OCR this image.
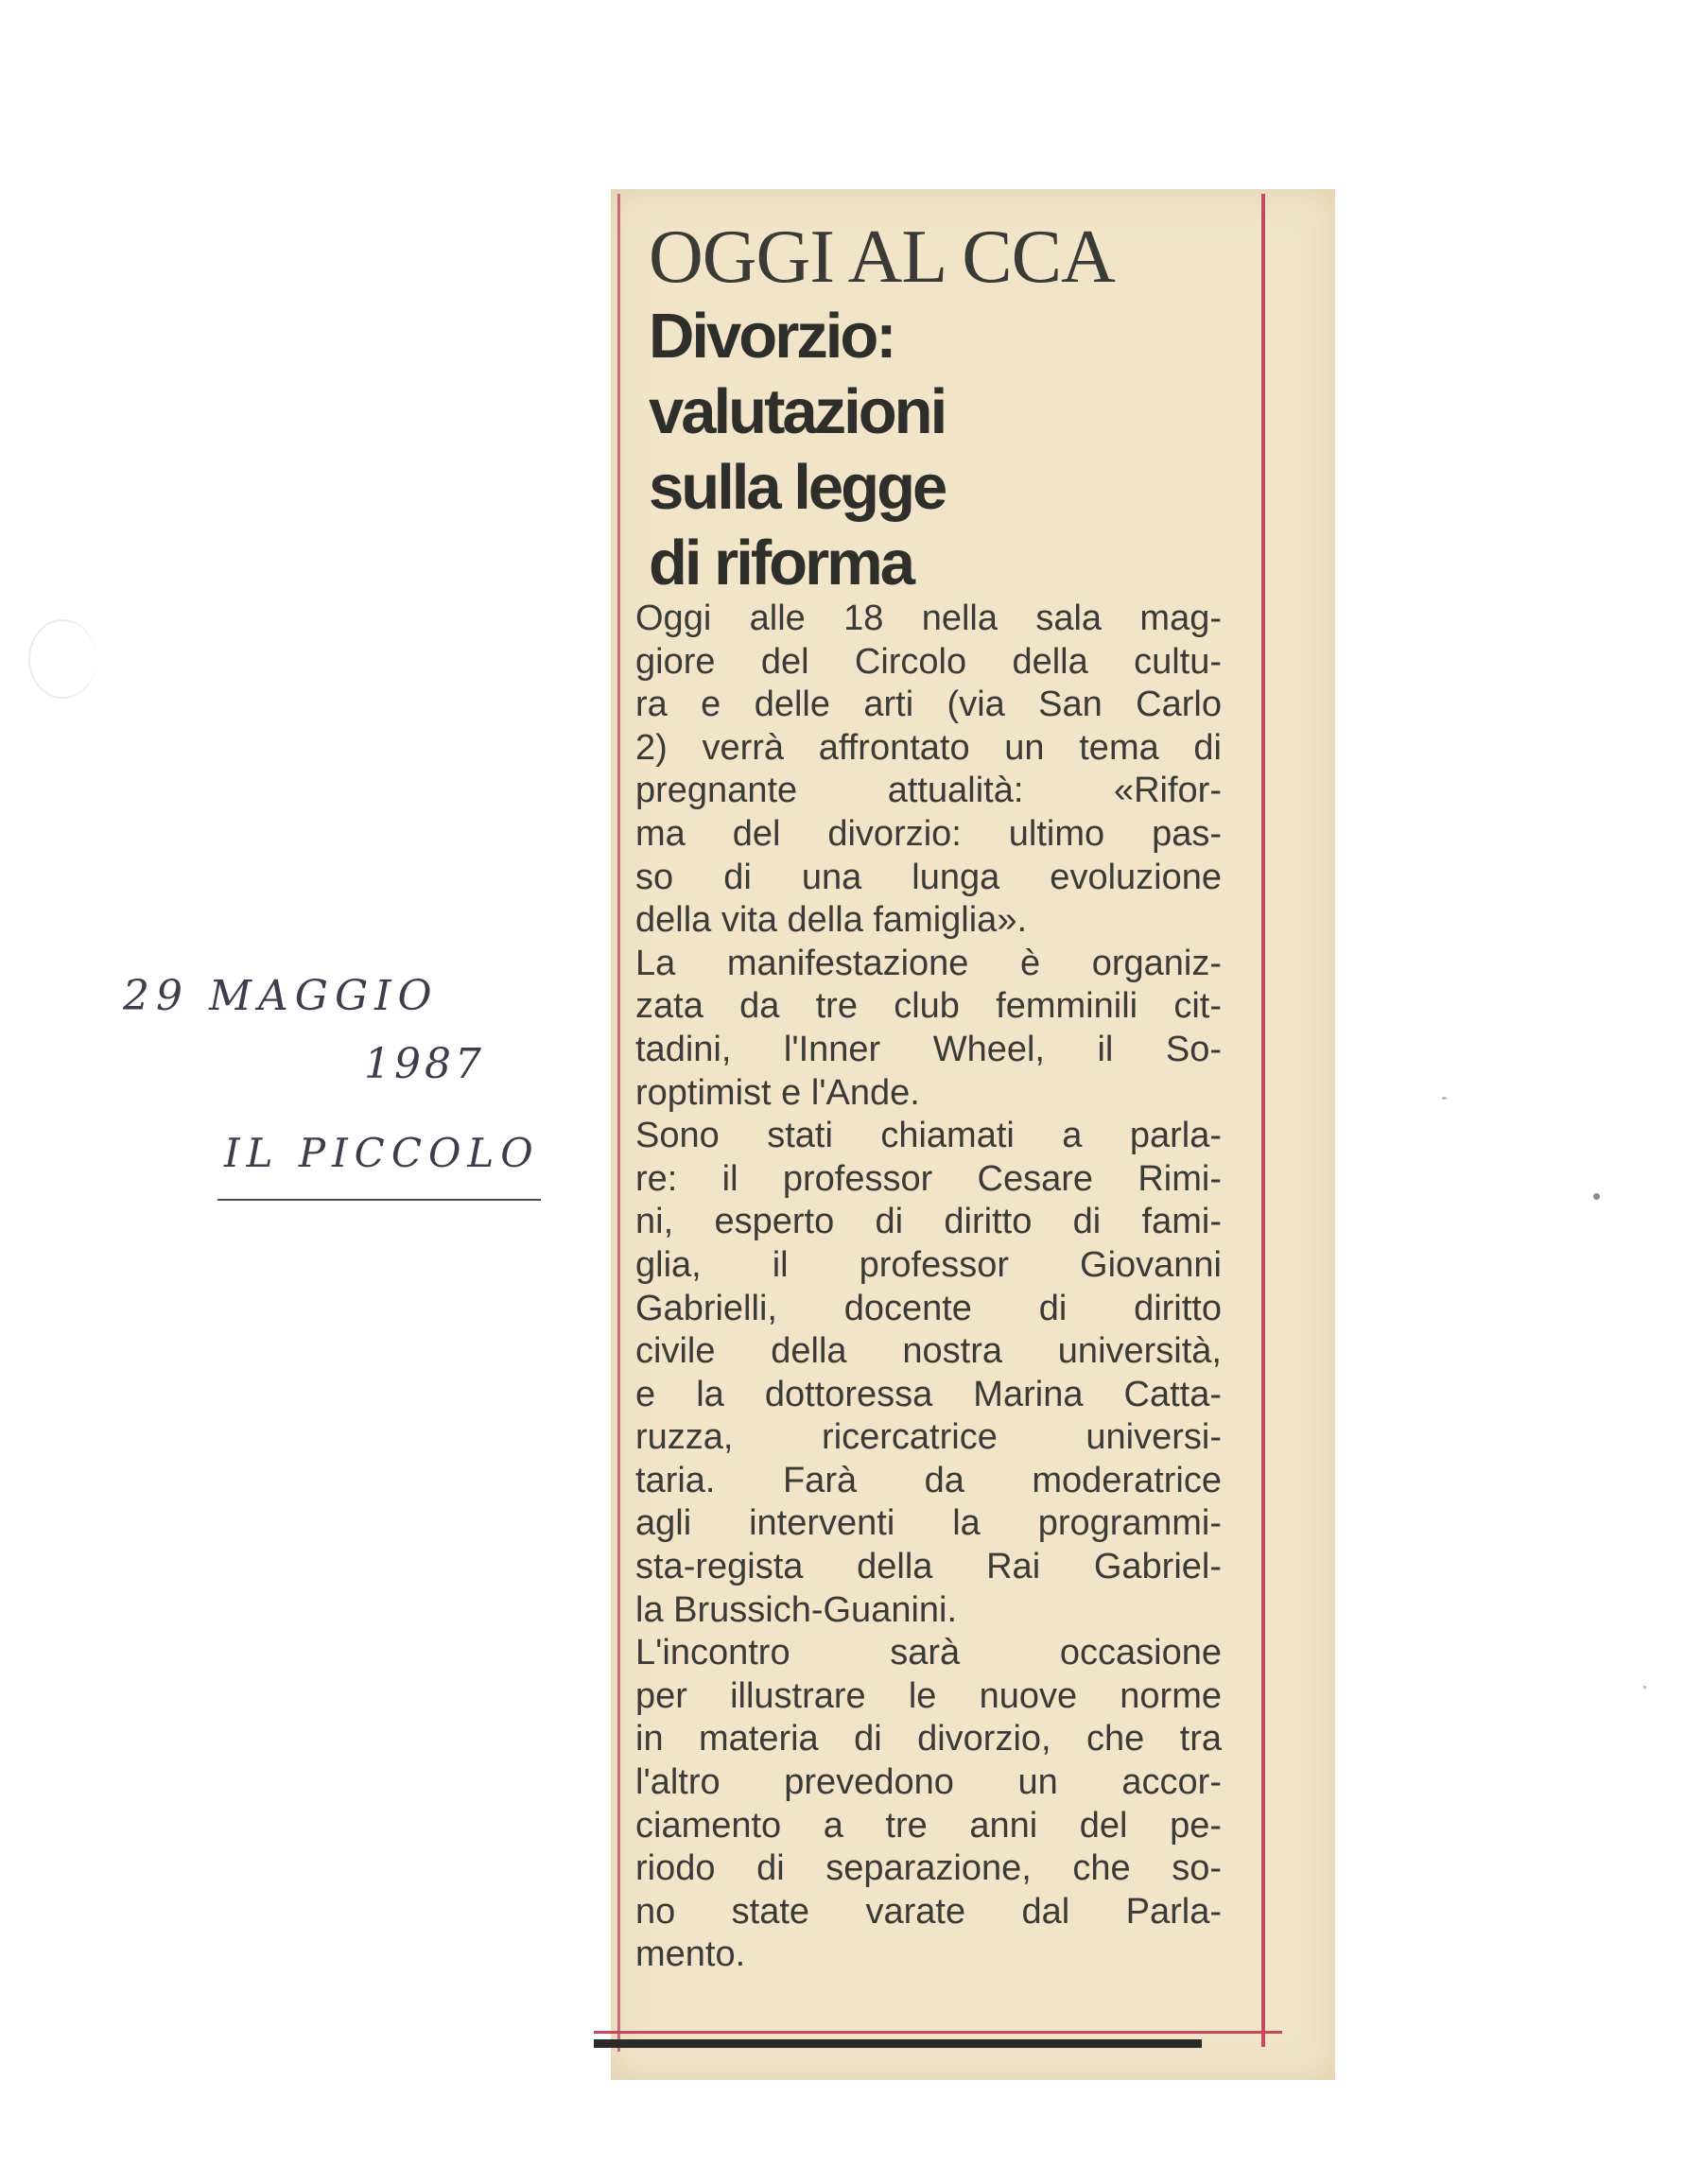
OGGI AL CCA
Divorzio:
valutazioni
sulla legge
di riforma
Oggi alle 18 nella sala mag-
giore del Circolo della cultu-
ra e delle arti (via San Carlo
2) verrà affrontato un tema di
pregnante attualità: «Rifor-
ma del divorzio: ultimo pas-
so di una lunga evoluzione
della vita della famiglia».
La manifestazione è organiz-
zata da tre club femminili cit-
tadini, l'Inner Wheel, il So-
roptimist e l'Ande.
Sono stati chiamati a parla-
re: il professor Cesare Rimi-
ni, esperto di diritto di fami-
glia, il professor Giovanni
Gabrielli, docente di diritto
civile della nostra università,
e la dottoressa Marina Catta-
ruzza, ricercatrice universi-
taria. Farà da moderatrice
agli interventi la programmi-
sta-regista della Rai Gabriel-
la Brussich-Guanini.
L'incontro sarà occasione
per illustrare le nuove norme
in materia di divorzio, che tra
l'altro prevedono un accor-
ciamento a tre anni del pe-
riodo di separazione, che so-
no state varate dal Parla-
mento.

29 MAGGIO

1987

IL PICCOLO
